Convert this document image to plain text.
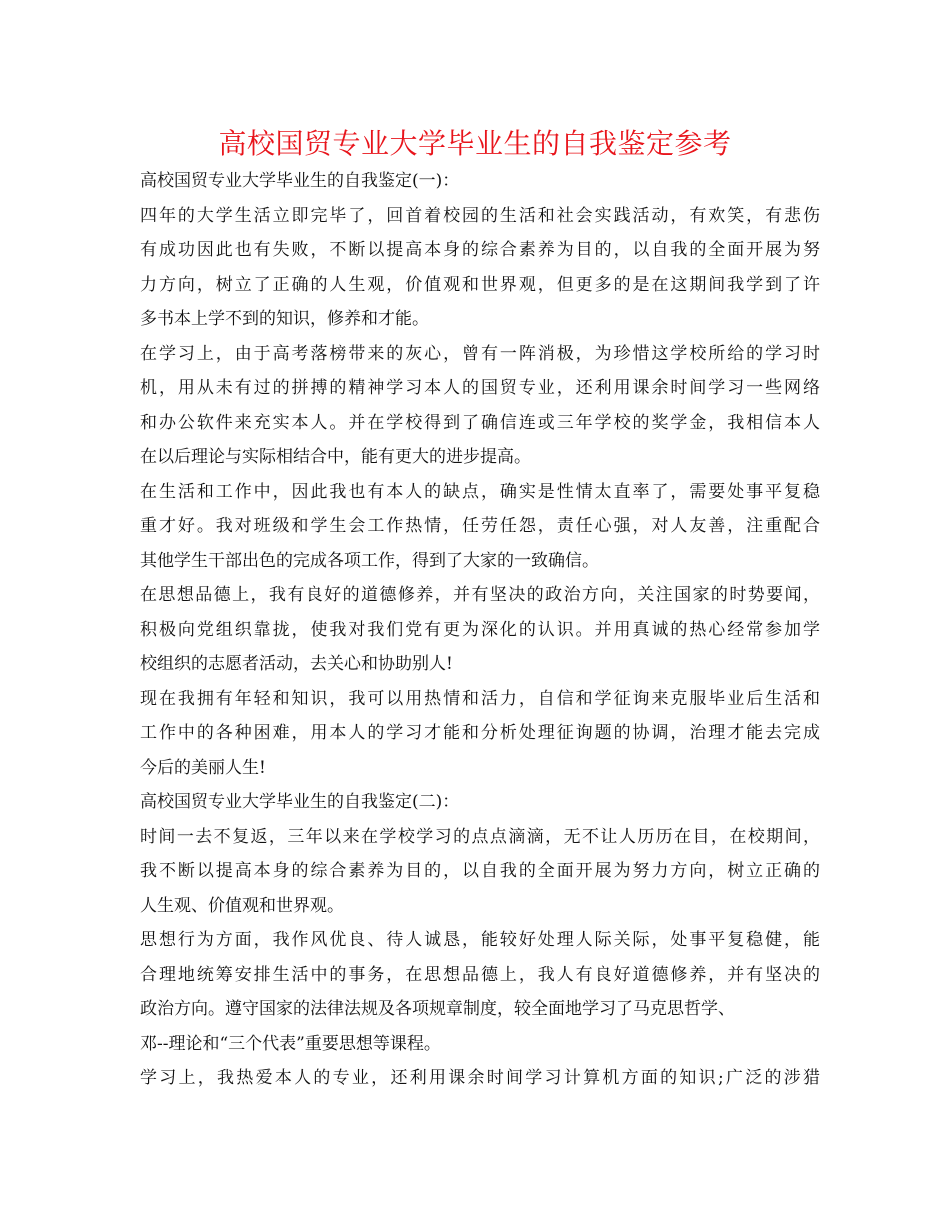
高校国贸专业大学毕业生的自我鉴定参考
高校国贸专业大学毕业生的自我鉴定(一)：
四年的大学生活立即完毕了，回首着校园的生活和社会实践活动，有欢笑，有悲伤
有成功因此也有失败，不断以提高本身的综合素养为目的，以自我的全面开展为努
力方向，树立了正确的人生观，价值观和世界观，但更多的是在这期间我学到了许
多书本上学不到的知识，修养和才能。
在学习上，由于高考落榜带来的灰心，曾有一阵消极，为珍惜这学校所给的学习时
机，用从未有过的拼搏的精神学习本人的国贸专业，还利用课余时间学习一些网络
和办公软件来充实本人。并在学校得到了确信连或三年学校的奖学金，我相信本人
在以后理论与实际相结合中，能有更大的进步提高。
在生活和工作中，因此我也有本人的缺点，确实是性情太直率了，需要处事平复稳
重才好。我对班级和学生会工作热情，任劳任怨，责任心强，对人友善，注重配合
其他学生干部出色的完成各项工作，得到了大家的一致确信。
在思想品德上，我有良好的道德修养，并有坚决的政治方向，关注国家的时势要闻，
积极向党组织靠拢，使我对我们党有更为深化的认识。并用真诚的热心经常参加学
校组织的志愿者活动，去关心和协助别人!
现在我拥有年轻和知识，我可以用热情和活力，自信和学征询来克服毕业后生活和
工作中的各种困难，用本人的学习才能和分析处理征询题的协调，治理才能去完成
今后的美丽人生!
高校国贸专业大学毕业生的自我鉴定(二)：
时间一去不复返，三年以来在学校学习的点点滴滴，无不让人历历在目，在校期间，
我不断以提高本身的综合素养为目的，以自我的全面开展为努力方向，树立正确的
人生观、价值观和世界观。
思想行为方面，我作风优良、待人诚恳，能较好处理人际关际，处事平复稳健，能
合理地统筹安排生活中的事务，在思想品德上，我人有良好道德修养，并有坚决的
政治方向。遵守国家的法律法规及各项规章制度，较全面地学习了马克思哲学、
邓--理论和“三个代表”重要思想等课程。
学习上，我热爱本人的专业，还利用课余时间学习计算机方面的知识;广泛的涉猎
